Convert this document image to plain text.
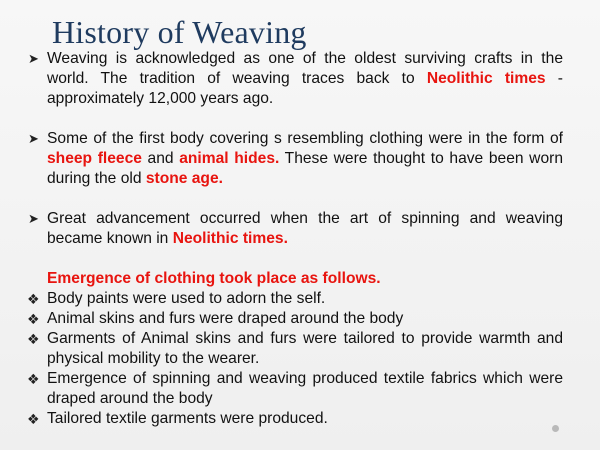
History of Weaving

➤ Weaving is acknowledged as one of the oldest surviving crafts in the world. The tradition of weaving traces back to Neolithic times - approximately 12,000 years ago.

➤ Some of the first body covering s resembling clothing were in the form of sheep fleece and animal hides. These were thought to have been worn during the old stone age.

➤ Great advancement occurred when the art of spinning and weaving became known in Neolithic times.

Emergence of clothing took place as follows.

❖ Body paints were used to adorn the self.

❖ Animal skins and furs were draped around the body

❖ Garments of Animal skins and furs were tailored to provide warmth and physical mobility to the wearer.

❖ Emergence of spinning and weaving produced textile fabrics which were draped around the body

❖ Tailored textile garments were produced.
